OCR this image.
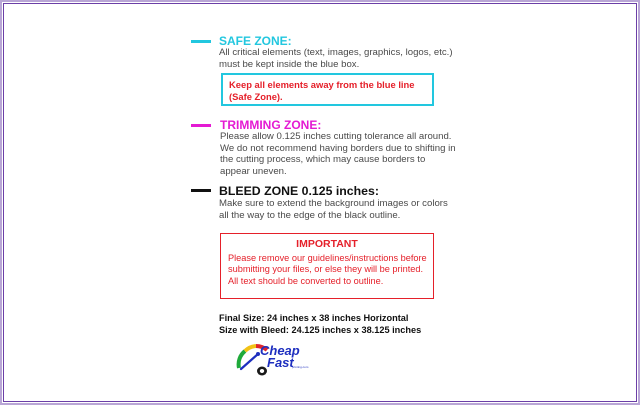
SAFE ZONE:
All critical elements (text, images, graphics, logos, etc.)
must be kept inside the blue box.
Keep all elements away from the blue line
(Safe Zone).
TRIMMING ZONE:
Please allow 0.125 inches cutting tolerance all around.
We do not recommend having borders due to shifting in
the cutting process, which may cause borders to
appear uneven.
BLEED ZONE 0.125 inches:
Make sure to extend the background images or colors
all the way to the edge of the black outline.
IMPORTANT
Please remove our guidelines/instructions before
submitting your files, or else they will be printed.
All text should be converted to outline.
Final Size: 24 inches x 38 inches Horizontal
Size with Bleed: 24.125 inches x 38.125 inches
Cheap
Fast
printing.com
